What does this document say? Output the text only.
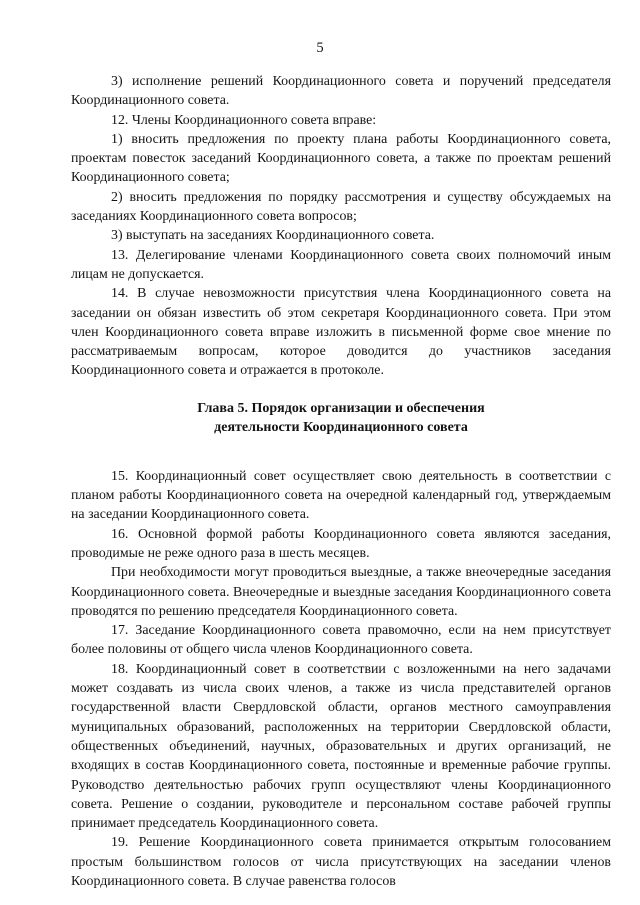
5

3) исполнение решений Координационного совета и поручений председателя Координационного совета.

12. Члены Координационного совета вправе:

1) вносить предложения по проекту плана работы Координационного совета, проектам повесток заседаний Координационного совета, а также по проектам решений Координационного совета;

2) вносить предложения по порядку рассмотрения и существу обсуждаемых на заседаниях Координационного совета вопросов;

3) выступать на заседаниях Координационного совета.

13. Делегирование членами Координационного совета своих полномочий иным лицам не допускается.

14. В случае невозможности присутствия члена Координационного совета на заседании он обязан известить об этом секретаря Координационного совета. При этом член Координационного совета вправе изложить в письменной форме свое мнение по рассматриваемым вопросам, которое доводится до участников заседания Координационного совета и отражается в протоколе.

Глава 5. Порядок организации и обеспечения
деятельности Координационного совета

15. Координационный совет осуществляет свою деятельность в соответствии с планом работы Координационного совета на очередной календарный год, утверждаемым на заседании Координационного совета.

16. Основной формой работы Координационного совета являются заседания, проводимые не реже одного раза в шесть месяцев.

При необходимости могут проводиться выездные, а также внеочередные заседания Координационного совета. Внеочередные и выездные заседания Координационного совета проводятся по решению председателя Координационного совета.

17. Заседание Координационного совета правомочно, если на нем присутствует более половины от общего числа членов Координационного совета.

18. Координационный совет в соответствии с возложенными на него задачами может создавать из числа своих членов, а также из числа представителей органов государственной власти Свердловской области, органов местного самоуправления муниципальных образований, расположенных на территории Свердловской области, общественных объединений, научных, образовательных и других организаций, не входящих в состав Координационного совета, постоянные и временные рабочие группы. Руководство деятельностью рабочих групп осуществляют члены Координационного совета. Решение о создании, руководителе и персональном составе рабочей группы принимает председатель Координационного совета.

19. Решение Координационного совета принимается открытым голосованием простым большинством голосов от числа присутствующих на заседании членов Координационного совета. В случае равенства голосов
